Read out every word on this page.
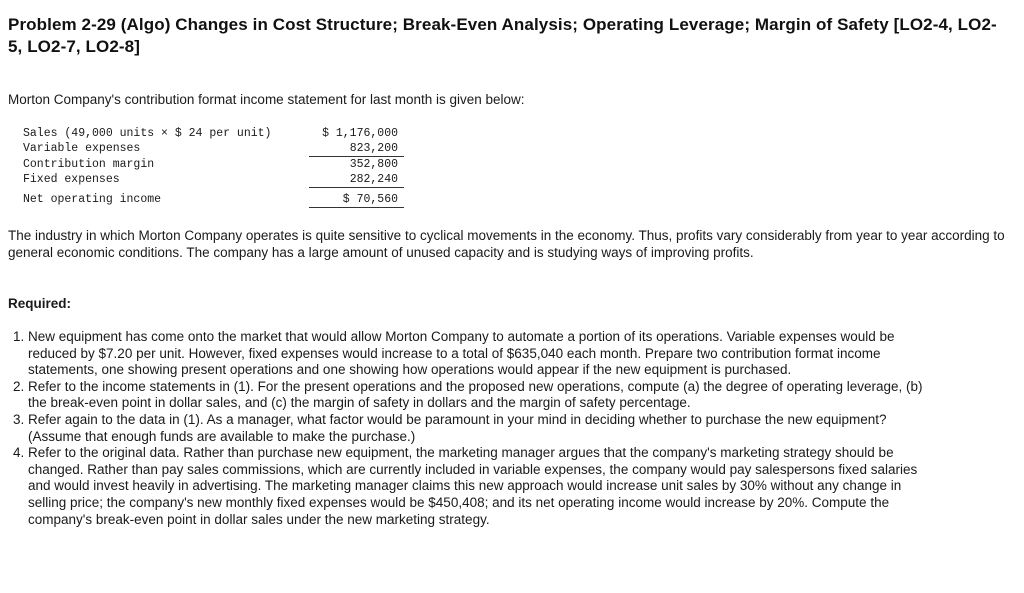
Problem 2-29 (Algo) Changes in Cost Structure; Break-Even Analysis; Operating Leverage; Margin of Safety [LO2-4, LO2-5, LO2-7, LO2-8]
Morton Company's contribution format income statement for last month is given below:
Sales (49,000 units × $ 24 per unit)	$ 1,176,000
Variable expenses	823,200
Contribution margin	352,800
Fixed expenses	282,240
Net operating income	$ 70,560
The industry in which Morton Company operates is quite sensitive to cyclical movements in the economy. Thus, profits vary considerably from year to year according to general economic conditions. The company has a large amount of unused capacity and is studying ways of improving profits.
Required:
1. New equipment has come onto the market that would allow Morton Company to automate a portion of its operations. Variable expenses would be reduced by $7.20 per unit. However, fixed expenses would increase to a total of $635,040 each month. Prepare two contribution format income statements, one showing present operations and one showing how operations would appear if the new equipment is purchased.
2. Refer to the income statements in (1). For the present operations and the proposed new operations, compute (a) the degree of operating leverage, (b) the break-even point in dollar sales, and (c) the margin of safety in dollars and the margin of safety percentage.
3. Refer again to the data in (1). As a manager, what factor would be paramount in your mind in deciding whether to purchase the new equipment? (Assume that enough funds are available to make the purchase.)
4. Refer to the original data. Rather than purchase new equipment, the marketing manager argues that the company's marketing strategy should be changed. Rather than pay sales commissions, which are currently included in variable expenses, the company would pay salespersons fixed salaries and would invest heavily in advertising. The marketing manager claims this new approach would increase unit sales by 30% without any change in selling price; the company's new monthly fixed expenses would be $450,408; and its net operating income would increase by 20%. Compute the company's break-even point in dollar sales under the new marketing strategy.
